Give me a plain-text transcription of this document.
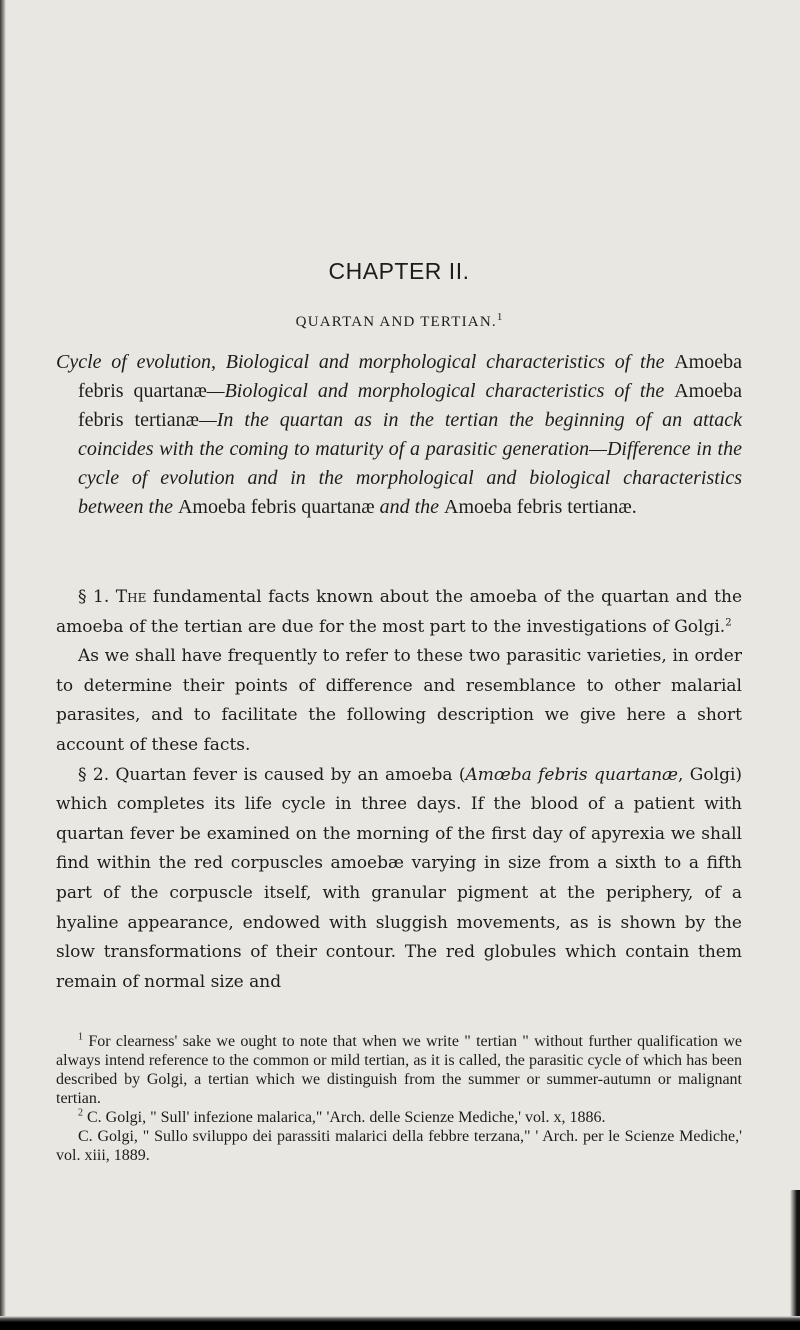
CHAPTER II.
QUARTAN AND TERTIAN.$^1$

Cycle of evolution, Biological and morphological characteristics of the Amoeba febris quartanæ—Biological and morphological characteristics of the Amoeba febris tertianæ—In the quartan as in the tertian the beginning of an attack coincides with the coming to maturity of a parasitic generation—Difference in the cycle of evolution and in the morphological and biological characteristics between the Amoeba febris quartanæ and the Amoeba febris tertianæ.

§ 1. The fundamental facts known about the amoeba of the quartan and the amoeba of the tertian are due for the most part to the investigations of Golgi.$^2$

As we shall have frequently to refer to these two parasitic varieties, in order to determine their points of difference and resemblance to other malarial parasites, and to facilitate the following description we give here a short account of these facts.

§ 2. Quartan fever is caused by an amoeba (Amœba febris quartanæ, Golgi) which completes its life cycle in three days. If the blood of a patient with quartan fever be examined on the morning of the first day of apyrexia we shall find within the red corpuscles amoebæ varying in size from a sixth to a fifth part of the corpuscle itself, with granular pigment at the periphery, of a hyaline appearance, endowed with sluggish movements, as is shown by the slow transformations of their contour. The red globules which contain them remain of normal size and

$^1$ For clearness' sake we ought to note that when we write " tertian " without further qualification we always intend reference to the common or mild tertian, as it is called, the parasitic cycle of which has been described by Golgi, a tertian which we distinguish from the summer or summer-autumn or malignant tertian.

$^2$ C. Golgi, " Sull' infezione malarica," 'Arch. delle Scienze Mediche,' vol. x, 1886.

C. Golgi, " Sullo sviluppo dei parassiti malarici della febbre terzana," ' Arch. per le Scienze Mediche,' vol. xiii, 1889.
